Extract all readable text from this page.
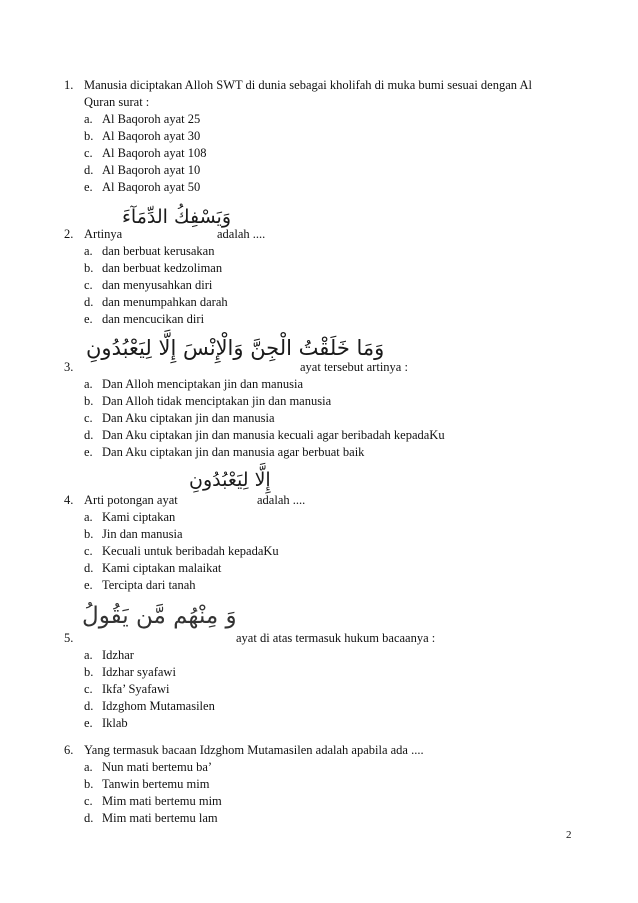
1. Manusia diciptakan Alloh SWT di dunia sebagai kholifah di muka bumi sesuai dengan Al
Quran surat :
a. Al Baqoroh ayat 25
b. Al Baqoroh ayat 30
c. Al Baqoroh ayat 108
d. Al Baqoroh ayat 10
e. Al Baqoroh ayat 50
وَيَسْفِكُ الدِّمَآءَ
2. Artinya	adalah ....
a. dan berbuat kerusakan
b. dan berbuat kedzoliman
c. dan menyusahkan diri
d. dan menumpahkan darah
e. dan mencucikan diri
وَمَا خَلَقْتُ الْجِنَّ وَالْإِنْسَ إِلَّا لِيَعْبُدُونِ
3.	ayat tersebut artinya :
a. Dan Alloh menciptakan jin dan manusia
b. Dan Alloh tidak menciptakan jin dan manusia
c. Dan Aku ciptakan jin dan manusia
d. Dan Aku ciptakan jin dan manusia kecuali agar beribadah kepadaKu
e. Dan Aku ciptakan jin dan manusia agar berbuat baik
إِلَّا لِيَعْبُدُونِ
4. Arti potongan ayat	adalah ....
a. Kami ciptakan
b. Jin dan manusia
c. Kecuali untuk beribadah kepadaKu
d. Kami ciptakan malaikat
e. Tercipta dari tanah
وَ مِنْهُم مَّن يَقُولُ
5.	ayat di atas termasuk hukum bacaanya :
a. Idzhar
b. Idzhar syafawi
c. Ikfa’ Syafawi
d. Idzghom Mutamasilen
e. Iklab
6. Yang termasuk bacaan Idzghom Mutamasilen adalah apabila ada ....
a. Nun mati bertemu ba’
b. Tanwin bertemu mim
c. Mim mati bertemu mim
d. Mim mati bertemu lam
2
